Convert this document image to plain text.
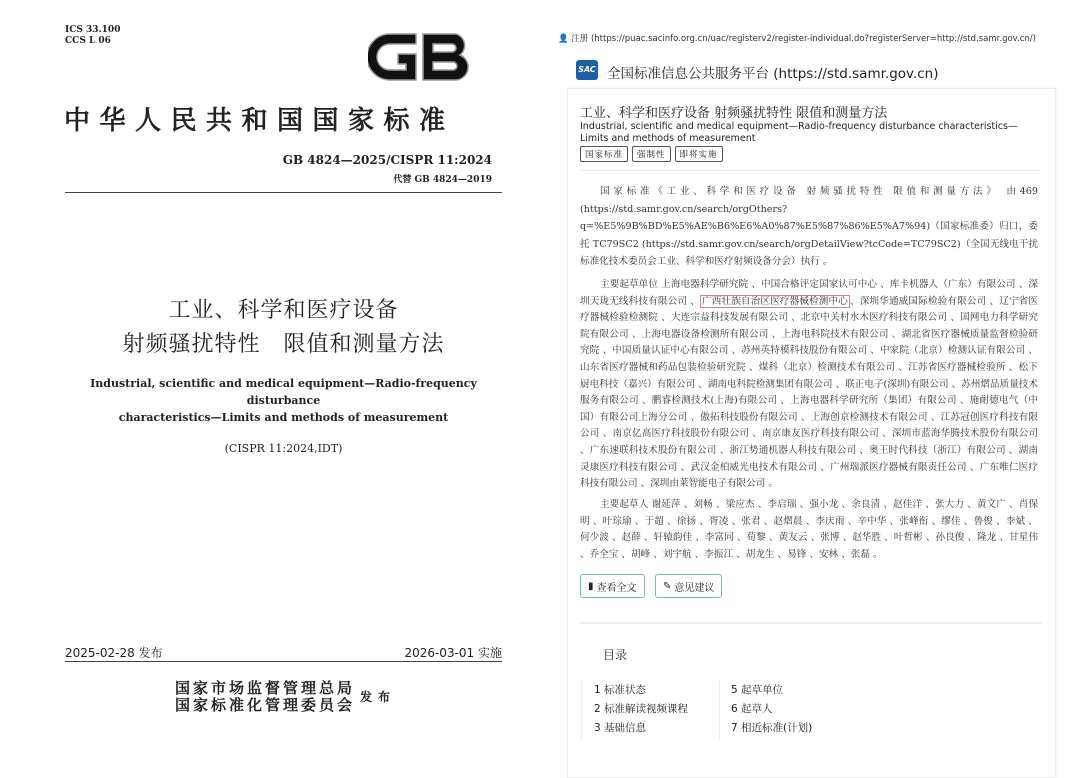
ICS 33.100
CCS L 06
中华人民共和国国家标准
GB 4824—2025/CISPR 11:2024
代替 GB 4824—2019
工业、科学和医疗设备
射频骚扰特性　限值和测量方法
Industrial, scientific and medical equipment—Radio-frequency disturbance
characteristics—Limits and methods of measurement
(CISPR 11:2024,IDT)
2025-02-28 发布	2026-03-01 实施
国家市场监督管理总局
国家标准化管理委员会 发布
👤 注册 (https://puac.sacinfo.org.cn/uac/registerv2/register-individual.do?registerServer=http://std.samr.gov.cn/)
SAC 全国标准信息公共服务平台 (https://std.samr.gov.cn)
工业、科学和医疗设备 射频骚扰特性 限值和测量方法
Industrial, scientific and medical equipment—Radio-frequency disturbance characteristics—Limits and methods of measurement
国家标准	强制性	即将实施
国家标准《工业、科学和医疗设备 射频骚扰特性 限值和测量方法》 由469 (https://std.samr.gov.cn/search/orgOthers?q=%E5%9B%BD%E5%AE%B6%E6%A0%87%E5%87%86%E5%A7%94)（国家标准委）归口，委托 TC79SC2 (https://std.samr.gov.cn/search/orgDetailView?tcCode=TC79SC2)（全国无线电干扰标准化技术委员会工业、科学和医疗射频设备分会）执行 。
主要起草单位 上海电器科学研究院 、中国合格评定国家认可中心 、库卡机器人（广东）有限公司 、深圳天珑无线科技有限公司 、 广西壮族自治区医疗器械检测中心 、深圳华通威国际检验有限公司 、辽宁省医疗器械检验检测院 、大连宗益科技发展有限公司 、北京中关村水木医疗科技有限公司 、国网电力科学研究院有限公司 、上海电器设备检测所有限公司 、上海电科院技术有限公司 、湖北省医疗器械质量监督检验研究院 、中国质量认证中心有限公司 、苏州英特模科技股份有限公司 、中家院（北京）检测认证有限公司 、山东省医疗器械和药品包装检验研究院 、煤科（北京）检测技术有限公司 、江苏省医疗器械检验所 、松下厨电科技（嘉兴）有限公司 、湖南电科院检测集团有限公司 、联正电子(深圳)有限公司 、苏州熠品质量技术服务有限公司 、鹏睿检测技术(上海)有限公司 、上海电器科学研究所（集团）有限公司 、施耐德电气（中国）有限公司上海分公司 、傲拓科技股份有限公司 、上海创京检测技术有限公司 、江苏冠创医疗科技有限公司 、南京亿高医疗科技股份有限公司 、南京康友医疗科技有限公司 、深圳市蓝海华腾技术股份有限公司 、广东速联科技术股份有限公司 、浙江势通机器人科技有限公司 、奥王时代科技（浙江）有限公司 、湖南灵康医疗科技有限公司 、武汉金柏威光电技术有限公司 、广州瑞派医疗器械有限责任公司 、广东唯仁医疗科技有限公司 、深圳由莱智能电子有限公司 。
主要起草人 谢延萍 、刘畅 、梁应杰 、李启瑞 、强小龙 、余良清 、赵佳洋 、张大力 、黄文广 、肖保明 、叶琮瑜 、于超 、徐扬 、胥凌 、张君 、赵熠晨 、李庆雨 、辛中华 、张峰衔 、缪佳 、鲁俊 、李斌 、何少波 、赵薛 、轩辕韵佳 、李富同 、荀黎 、黄友云 、张博 、赵华胜 、叶哲彬 、孙良俊 、隆龙 、甘星伟 、乔全宝 、胡峰 、刘宇航 、李振江 、胡龙生 、易锋 、安林 、张磊 。
▮ 查看全文	✎ 意见建议
目录
1 标准状态
2 标准解读视频课程
3 基础信息
5 起草单位
6 起草人
7 相近标准(计划)
